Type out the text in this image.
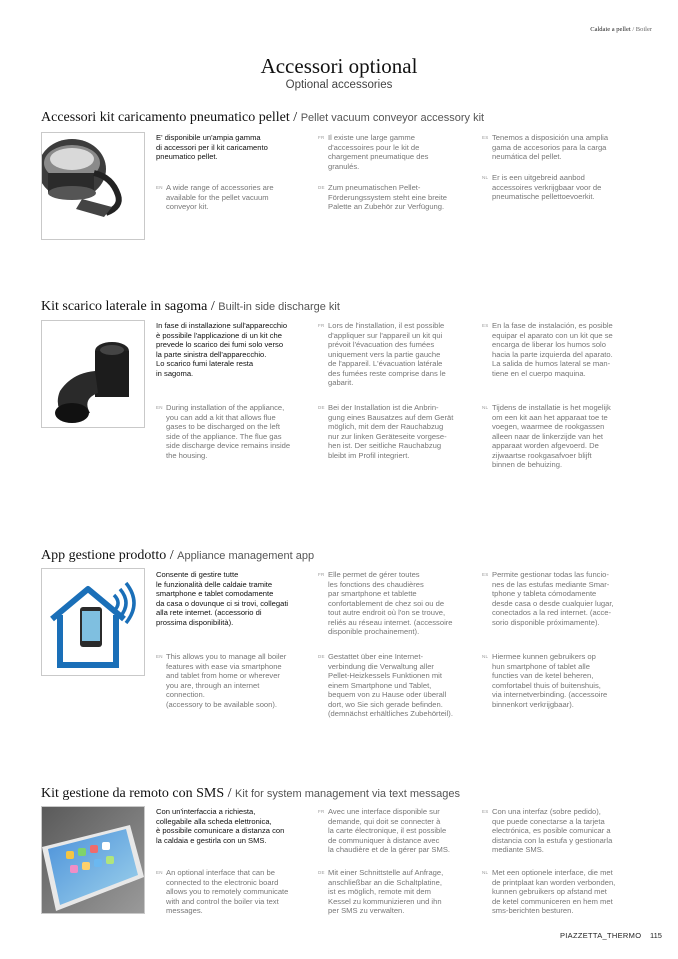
Caldaie a pellet / Boiler
Accessori optional
Optional accessories
Accessori kit caricamento pneumatico pellet / Pellet vacuum conveyor accessory kit
E' disponibile un'ampia gamma
di accessori per il kit caricamento
pneumatico pellet.
EN A wide range of accessories are
available for the pellet vacuum
conveyor kit.
FR Il existe une large gamme
d'accessoires pour le kit de
chargement pneumatique des
granulés.
DE Zum pneumatischen Pellet-
Förderungssystem steht eine breite
Palette an Zubehör zur Verfügung.
ES Tenemos a disposición una amplia
gama de accesorios para la carga
neumática del pellet.
NL Er is een uitgebreid aanbod
accessoires verkrijgbaar voor de
pneumatische pellettoevoerkit.
Kit scarico laterale in sagoma / Built-in side discharge kit
In fase di installazione sull'apparecchio
è possibile l'applicazione di un kit che
prevede lo scarico dei fumi solo verso
la parte sinistra dell'apparecchio.
Lo scarico fumi laterale resta
in sagoma.
EN During installation of the appliance,
you can add a kit that allows flue
gases to be discharged on the left
side of the appliance. The flue gas
side discharge device remains inside
the housing.
FR Lors de l'installation, il est possible
d'appliquer sur l'appareil un kit qui
prévoit l'évacuation des fumées
uniquement vers la partie gauche
de l'appareil. L'évacuation latérale
des fumées reste comprise dans le
gabarit.
DE Bei der Installation ist die Anbrin-
gung eines Bausatzes auf dem Gerät
möglich, mit dem der Rauchabzug
nur zur linken Geräteseite vorgese-
hen ist. Der seitliche Rauchabzug
bleibt im Profil integriert.
ES En la fase de instalación, es posible
equipar el aparato con un kit que se
encarga de liberar los humos solo
hacia la parte izquierda del aparato.
La salida de humos lateral se man-
tiene en el cuerpo maquina.
NL Tijdens de installatie is het mogelijk
om een kit aan het apparaat toe te
voegen, waarmee de rookgassen
alleen naar de linkerzijde van het
apparaat worden afgevoerd. De
zijwaartse rookgasafvoer blijft
binnen de behuizing.
App gestione prodotto / Appliance management app
Consente di gestire tutte
le funzionalità delle caldaie tramite
smartphone e tablet comodamente
da casa o dovunque ci si trovi, collegati
alla rete internet. (accessorio di
prossima disponibilità).
EN This allows you to manage all boiler
features with ease via smartphone
and tablet from home or wherever
you are, through an internet
connection.
(accessory to be available soon).
FR Elle permet de gérer toutes
les fonctions des chaudières
par smartphone et tablette
confortablement de chez soi ou de
tout autre endroit où l'on se trouve,
reliés au réseau internet. (accessoire
disponible prochainement).
DE Gestattet über eine Internet-
verbindung die Verwaltung aller
Pellet-Heizkessels Funktionen mit
einem Smartphone und Tablet,
bequem von zu Hause oder überall
dort, wo Sie sich gerade befinden.
(demnächst erhältliches Zubehörteil).
ES Permite gestionar todas las funcio-
nes de las estufas mediante Smar-
tphone y tableta cómodamente
desde casa o desde cualquier lugar,
conectados a la red internet. (acce-
sorio disponible próximamente).
NL Hiermee kunnen gebruikers op
hun smartphone of tablet alle
functies van de ketel beheren,
comfortabel thuis of buitenshuis,
via internetverbinding. (accessoire
binnenkort verkrijgbaar).
Kit gestione da remoto con SMS / Kit for system management via text messages
Con un'interfaccia a richiesta,
collegabile alla scheda elettronica,
è possibile comunicare a distanza con
la caldaia e gestirla con un SMS.
EN An optional interface that can be
connected to the electronic board
allows you to remotely communicate
with and control the boiler via text
messages.
FR Avec une interface disponible sur
demande, qui doit se connecter à
la carte électronique, il est possible
de communiquer à distance avec
la chaudière et de la gérer par SMS.
DE Mit einer Schnittstelle auf Anfrage,
anschließbar an die Schaltplatine,
ist es möglich, remote mit dem
Kessel zu kommunizieren und ihn
per SMS zu verwalten.
ES Con una interfaz (sobre pedido),
que puede conectarse a la tarjeta
electrónica, es posible comunicar a
distancia con la estufa y gestionarla
mediante SMS.
NL Met een optionele interface, die met
de printplaat kan worden verbonden,
kunnen gebruikers op afstand met
de ketel communiceren en hem met
sms-berichten besturen.
PIAZZETTA_THERMO 115
